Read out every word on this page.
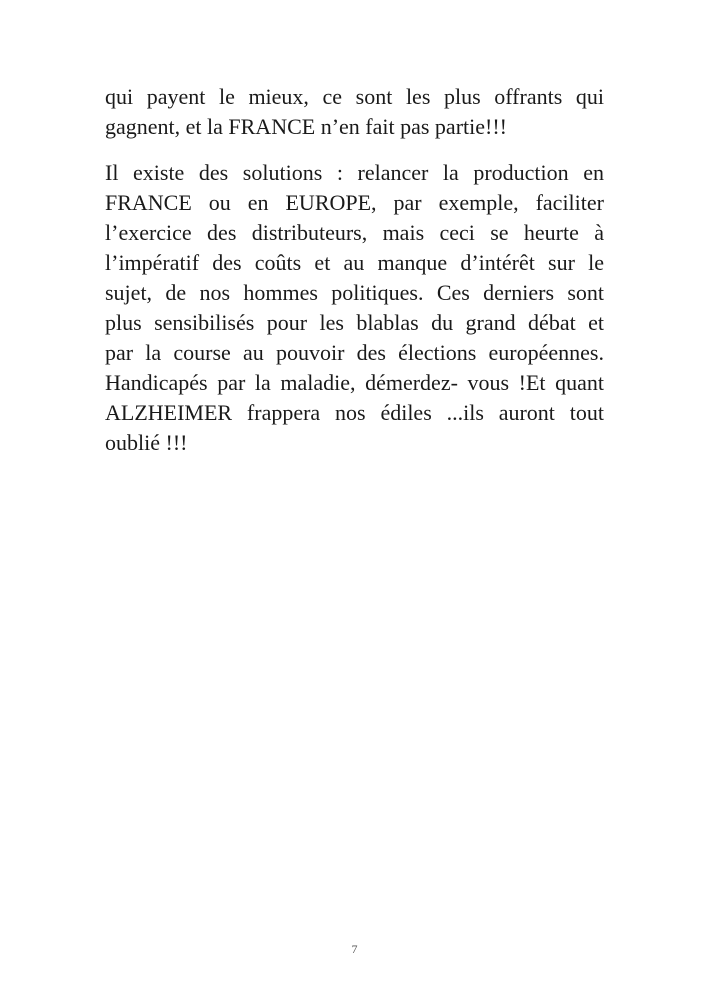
qui payent le mieux, ce sont les plus offrants qui
gagnent, et la FRANCE n’en fait pas partie!!!
Il existe des solutions : relancer la production en
FRANCE ou en EUROPE, par exemple, faciliter
l’exercice des distributeurs, mais ceci se heurte à
l’impératif des coûts et au manque d’intérêt sur le
sujet, de nos hommes politiques. Ces derniers sont
plus sensibilisés pour les blablas du grand débat et
par la course au pouvoir des élections européennes.
Handicapés par la maladie, démerdez- vous !Et quant
ALZHEIMER frappera nos édiles ...ils auront tout
oublié !!!
7
